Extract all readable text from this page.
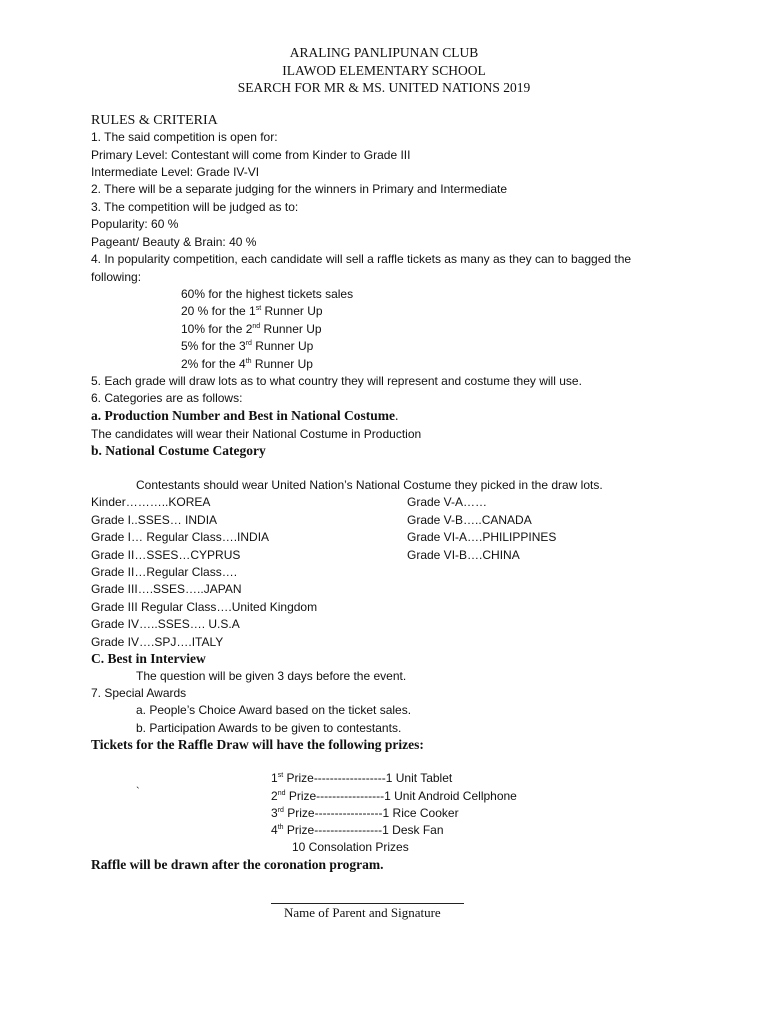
ARALING PANLIPUNAN CLUB
ILAWOD ELEMENTARY SCHOOL
SEARCH FOR MR & MS. UNITED NATIONS 2019
RULES & CRITERIA
1. The said competition is open for:
Primary Level: Contestant will come from Kinder to Grade III
Intermediate Level: Grade IV-VI
2. There will be a separate judging for the winners in Primary and Intermediate
3. The competition will be judged as to:
Popularity: 60 %
Pageant/ Beauty & Brain: 40 %
4. In popularity competition, each candidate will sell a raffle tickets as many as they can to bagged the
following:
60% for the highest tickets sales
20 % for the 1st Runner Up
10% for the 2nd Runner Up
5% for the 3rd Runner Up
2% for the 4th Runner Up
5. Each grade will draw lots as to what country they will represent and costume they will use.
6. Categories are as follows:
a. Production Number and Best in National Costume.
The candidates will wear their National Costume in Production
b. National Costume Category
Contestants should wear United Nation’s National Costume they picked in the draw lots.
Kinder………..KOREA
Grade I..SSES… INDIA
Grade I… Regular Class….INDIA
Grade II…SSES…CYPRUS
Grade II…Regular Class….
Grade III….SSES…..JAPAN
Grade III Regular Class….United Kingdom
Grade IV…..SSES…. U.S.A
Grade IV….SPJ….ITALY
Grade V-A……
Grade V-B…..CANADA
Grade VI-A….PHILIPPINES
Grade VI-B….CHINA
C. Best in Interview
The question will be given 3 days before the event.
7. Special Awards
a. People’s Choice Award based on the ticket sales.
b. Participation Awards to be given to contestants.
Tickets for the Raffle Draw will have the following prizes:
`
1st Prize------------------1 Unit Tablet
2nd Prize-----------------1 Unit Android Cellphone
3rd Prize-----------------1 Rice Cooker
4th Prize-----------------1 Desk Fan
10 Consolation Prizes
Raffle will be drawn after the coronation program.
Name of Parent and Signature
